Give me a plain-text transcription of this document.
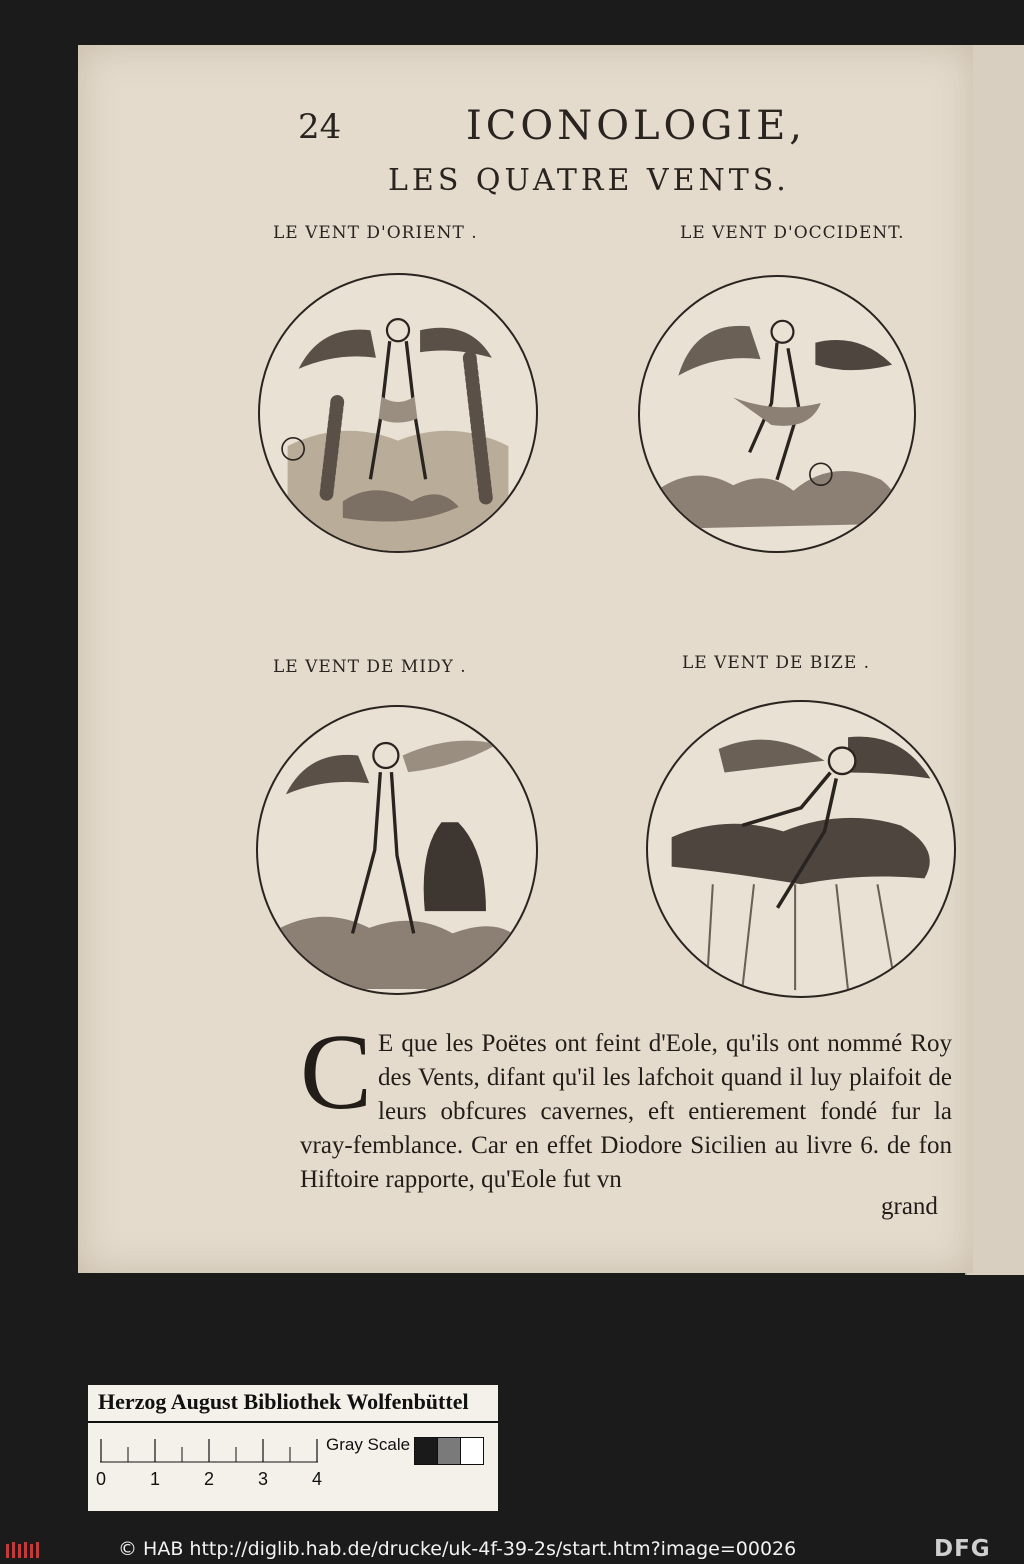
24	ICONOLOGIE,
LES QUATRE VENTS.
LE VENT D'ORIENT .	LE VENT D'OCCIDENT.
LE VENT DE MIDY .	LE VENT DE BIZE .
C E que les Poëtes ont feint d'Eole, qu'ils ont nommé Roy des Vents, difant qu'il les lafchoit quand il luy plaifoit de leurs obfcures cavernes, eft entierement fondé fur la vray-femblance. Car en effet Diodore Sicilien au livre 6. de fon Hiftoire rapporte, qu'Eole fut vn
grand
Herzog August Bibliothek Wolfenbüttel
0 1 2 3 4
Gray Scale
© HAB http://diglib.hab.de/drucke/uk-4f-39-2s/start.htm?image=00026	DFG
